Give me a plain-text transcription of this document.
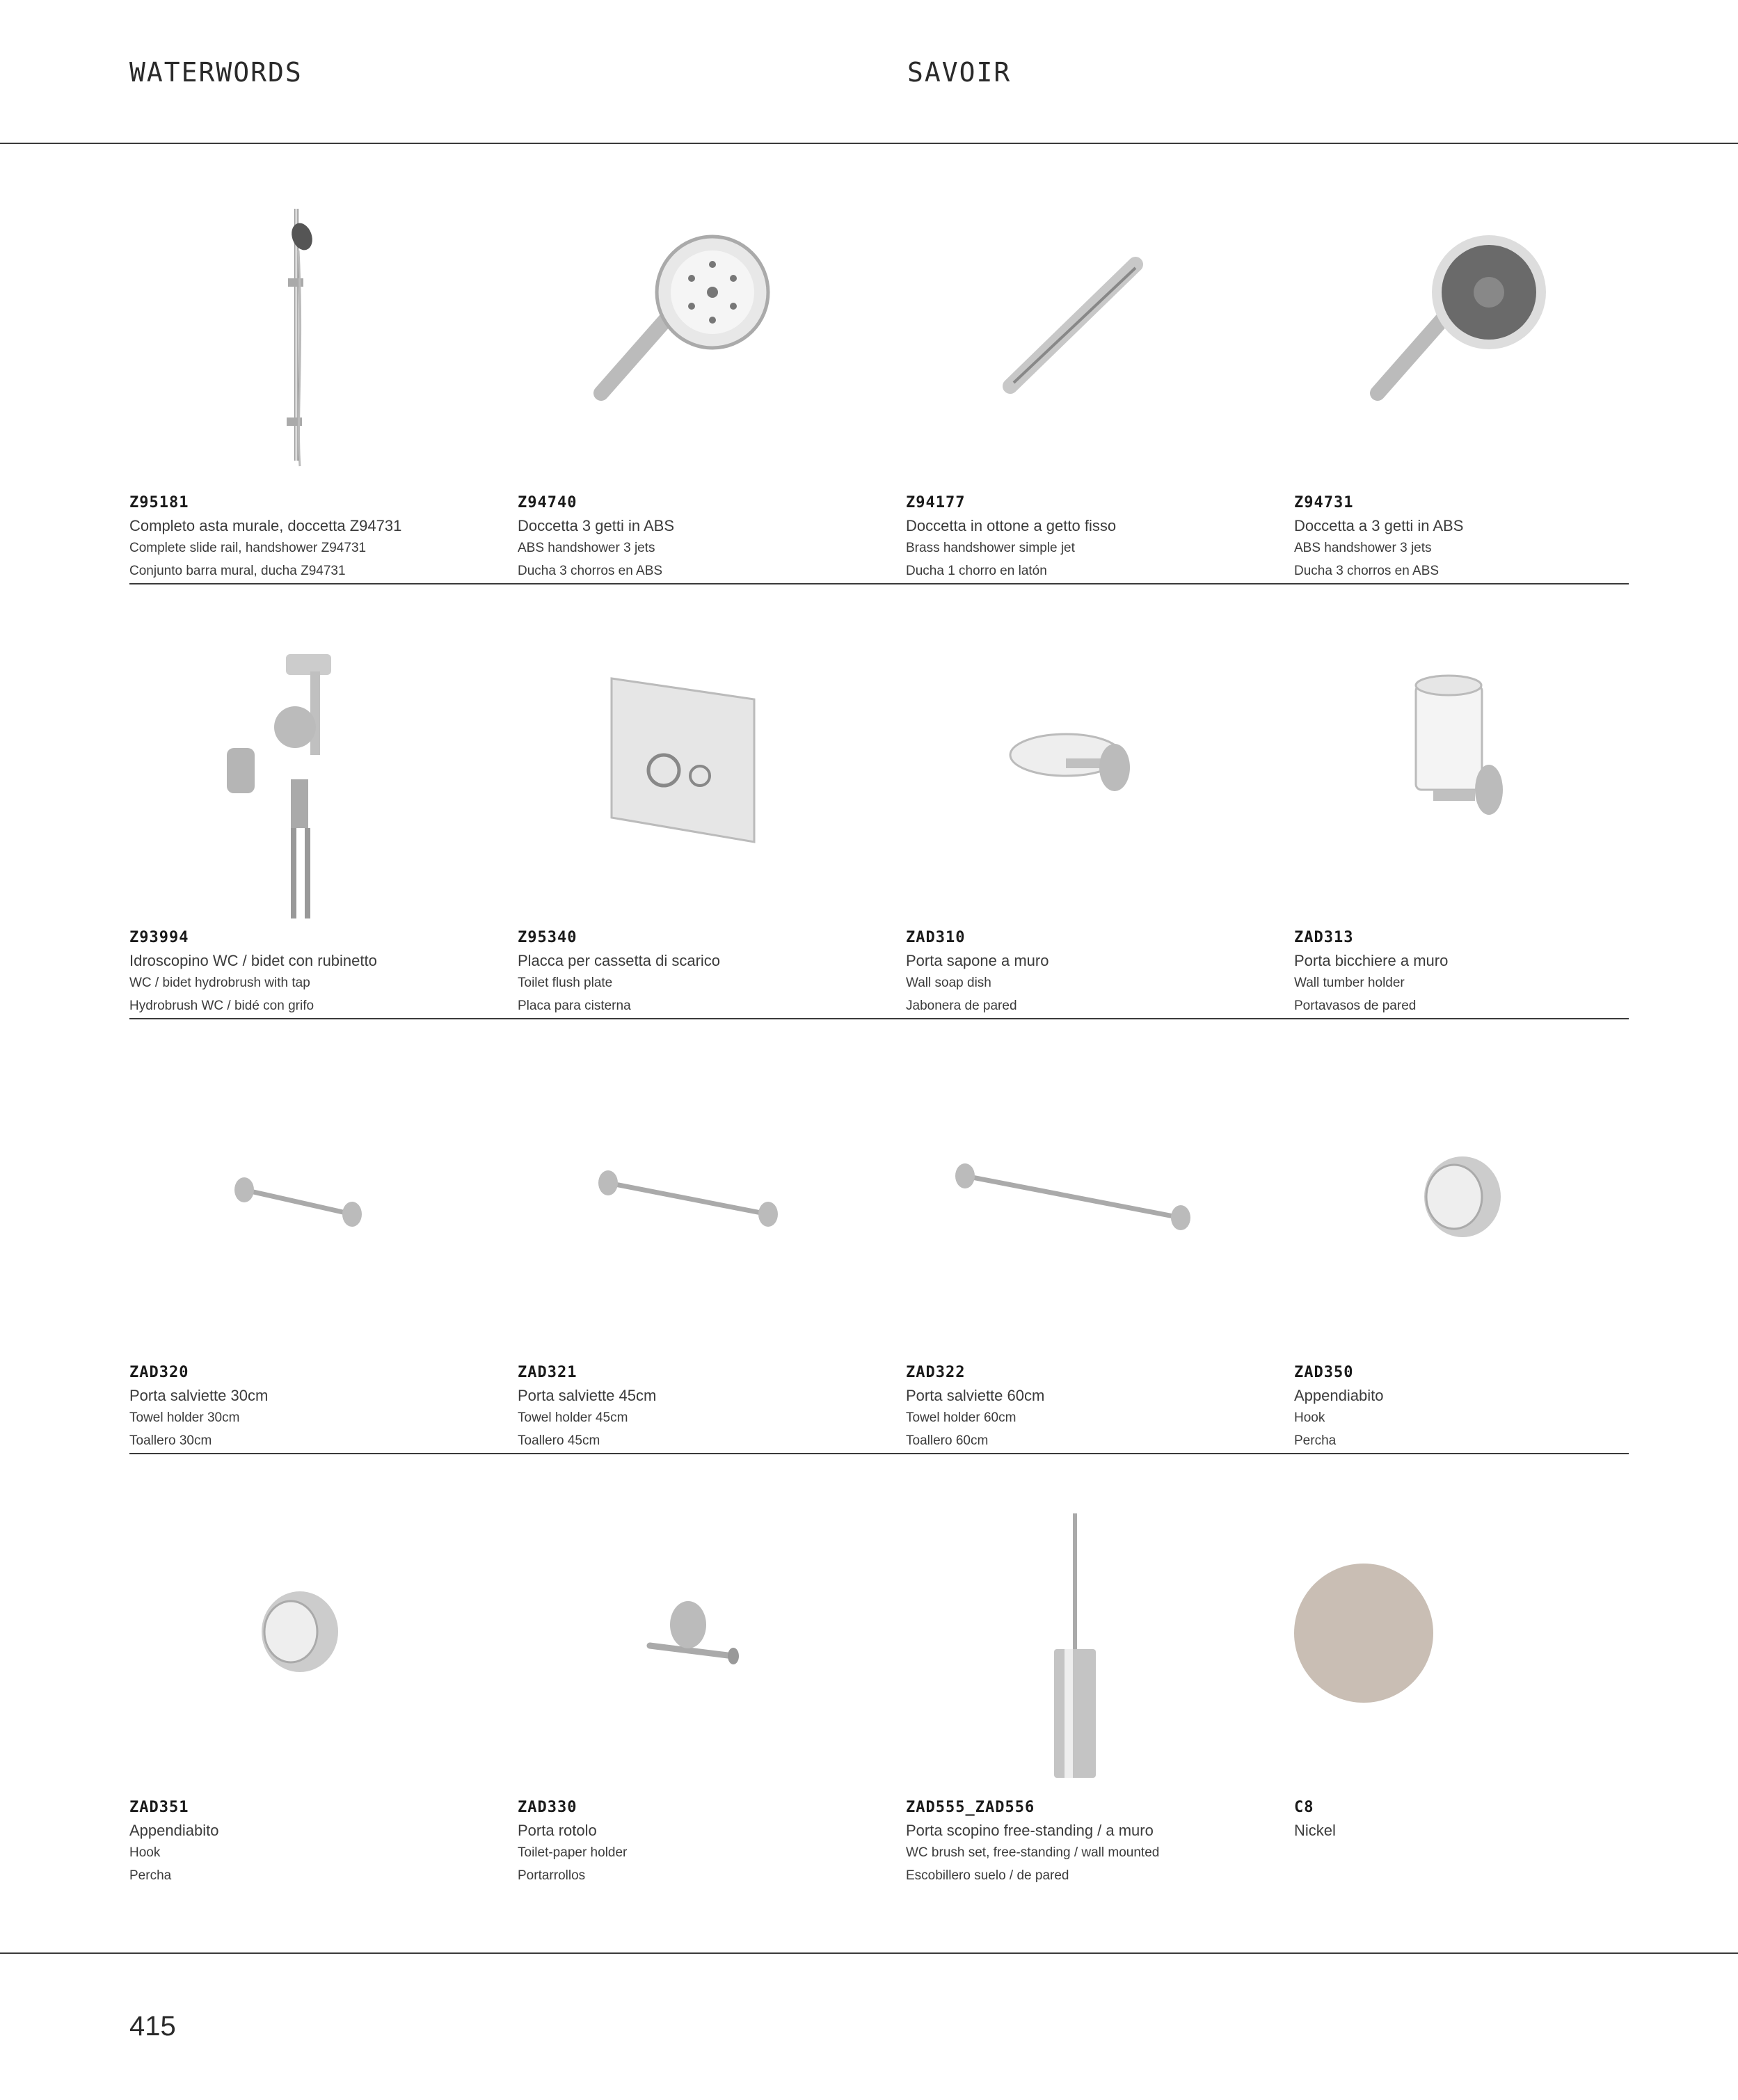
WATERWORDS	SAVOIR
Z95181
Completo asta murale, doccetta Z94731
Complete slide rail, handshower Z94731
Conjunto barra mural, ducha Z94731
Z94740
Doccetta 3 getti in ABS
ABS handshower 3 jets
Ducha 3 chorros en ABS
Z94177
Doccetta in ottone a getto fisso
Brass handshower simple jet
Ducha 1 chorro en latón
Z94731
Doccetta a 3 getti in ABS
ABS handshower 3 jets
Ducha 3 chorros en ABS
Z93994
Idroscopino WC / bidet con rubinetto
WC / bidet hydrobrush with tap
Hydrobrush WC / bidé con grifo
Z95340
Placca per cassetta di scarico
Toilet flush plate
Placa para cisterna
ZAD310
Porta sapone a muro
Wall soap dish
Jabonera de pared
ZAD313
Porta bicchiere a muro
Wall tumber holder
Portavasos de pared
ZAD320
Porta salviette 30cm
Towel holder 30cm
Toallero 30cm
ZAD321
Porta salviette 45cm
Towel holder 45cm
Toallero 45cm
ZAD322
Porta salviette 60cm
Towel holder 60cm
Toallero 60cm
ZAD350
Appendiabito
Hook
Percha
ZAD351
Appendiabito
Hook
Percha
ZAD330
Porta rotolo
Toilet-paper holder
Portarrollos
ZAD555_ZAD556
Porta scopino free-standing / a muro
WC brush set, free-standing / wall mounted
Escobillero suelo / de pared
C8
Nickel
415
